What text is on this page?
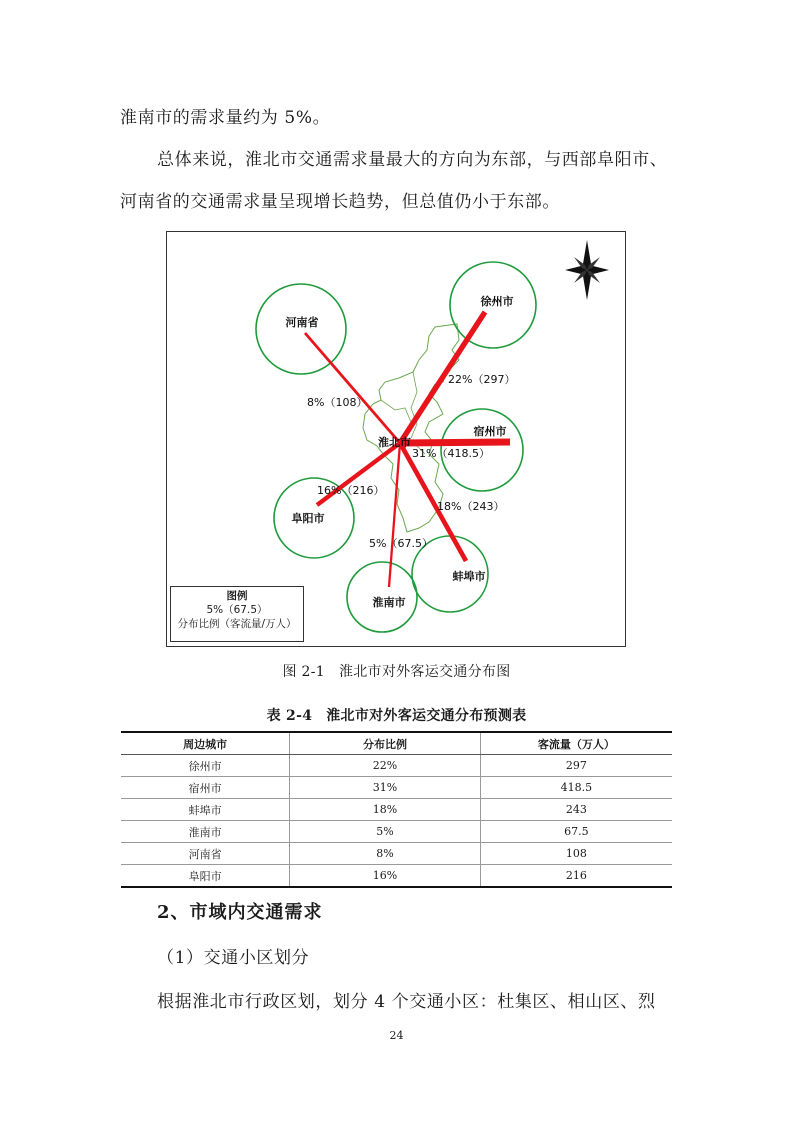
淮南市的需求量约为 5%。

总体来说，淮北市交通需求量最大的方向为东部，与西部阜阳市、

河南省的交通需求量呈现增长趋势，但总值仍小于东部。

徐州市
宿州市
蚌埠市
淮南市
河南省
阜阳市
22%（297）
31%（418.5）
18%（243）
5%（67.5）
8%（108）
16%（216）
淮北市
图例
5%（67.5）
分布比例（客流量/万人）

图 2-1 淮北市对外客运交通分布图

表 2-4 淮北市对外客运交通分布预测表

周边城市	分布比例	客流量（万人）
徐州市	22%	297
宿州市	31%	418.5
蚌埠市	18%	243
淮南市	5%	67.5
河南省	8%	108
阜阳市	16%	216
2、市域内交通需求

（1）交通小区划分

根据淮北市行政区划，划分 4 个交通小区：杜集区、相山区、烈

24
